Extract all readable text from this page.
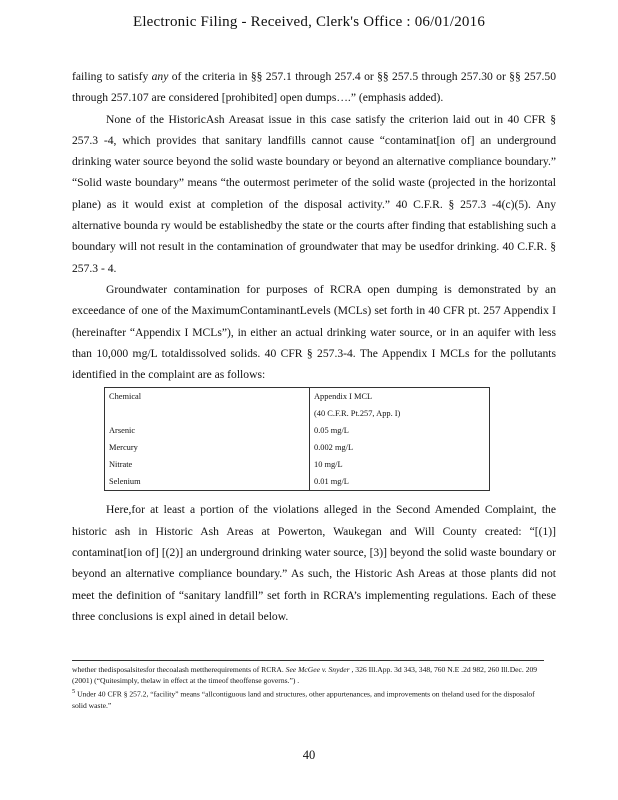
Electronic Filing - Received, Clerk's Office : 06/01/2016

failing to satisfy any of the criteria in §§ 257.1 through 257.4 or §§ 257.5 through 257.30 or §§ 257.50 through 257.107 are considered [prohibited] open dumps….” (emphasis added).

None of the HistoricAsh Areasat issue in this case satisfy the criterion laid out in 40 CFR § 257.3 -4, which provides that sanitary landfills cannot cause “contaminat[ion of] an underground drinking water source beyond the solid waste boundary or beyond an alternative compliance boundary.” “Solid waste boundary” means “the outermost perimeter of the solid waste (projected in the horizontal plane) as it would exist at completion of the disposal activity.” 40 C.F.R. § 257.3 -4(c)(5). Any alternative bounda ry would be establishedby the state or the courts after finding that establishing such a boundary will not result in the contamination of groundwater that may be usedfor drinking. 40 C.F.R. § 257.3 - 4.

Groundwater contamination for purposes of RCRA open dumping is demonstrated by an exceedance of one of the MaximumContaminantLevels (MCLs) set forth in 40 CFR pt. 257 Appendix I (hereinafter “Appendix I MCLs”), in either an actual drinking water source, or in an aquifer with less than 10,000 mg/L totaldissolved solids. 40 CFR § 257.3-4. The Appendix I MCLs for the pollutants identified in the complaint are as follows:

Chemical	Appendix I MCL
	(40 C.F.R. Pt.257, App. I)
Arsenic	0.05 mg/L
Mercury	0.002 mg/L
Nitrate	10 mg/L
Selenium	0.01 mg/L

Here,for at least a portion of the violations alleged in the Second Amended Complaint, the historic ash in Historic Ash Areas at Powerton, Waukegan and Will County created: “[(1)] contaminat[ion of] [(2)] an underground drinking water source, [3)] beyond the solid waste boundary or beyond an alternative compliance boundary.” As such, the Historic Ash Areas at those plants did not meet the definition of “sanitary landfill” set forth in RCRA’s implementing regulations. Each of these three conclusions is expl ained in detail below.

whether thedisposalsitesfor thecoalash mettherequirements of RCRA. See McGee v. Snyder , 326 Ill.App. 3d 343, 348, 760 N.E .2d 982, 260 Ill.Dec. 209 (2001) (“Quitesimply, thelaw in effect at the timeof theoffense governs.”) .

$^5$ Under 40 CFR § 257.2, “facility” means “allcontiguous land and structures, other appurtenances, and improvements on theland used for the disposalof solid waste.”

40
